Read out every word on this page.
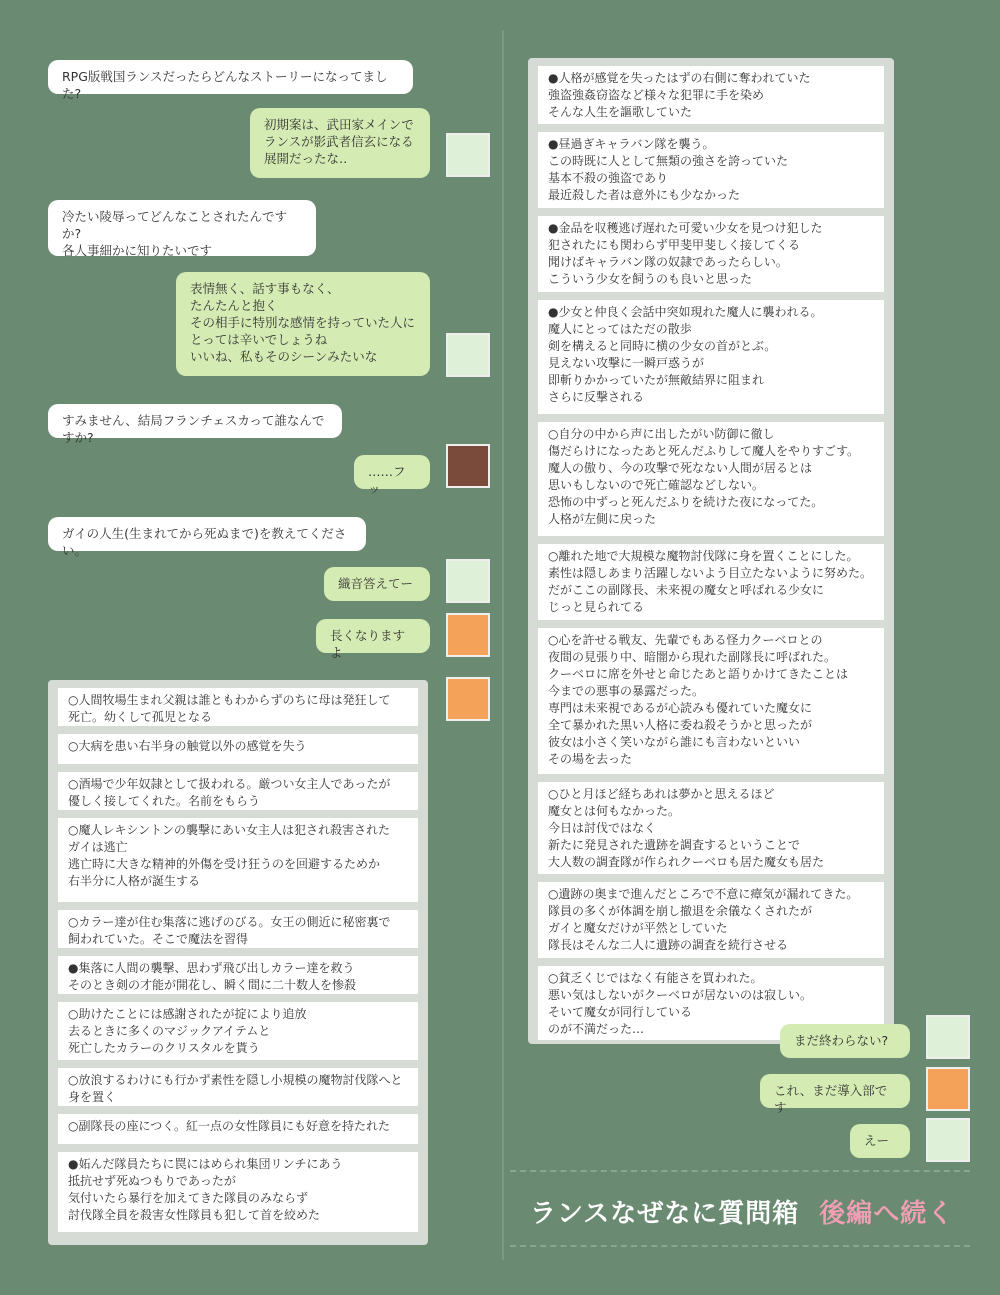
RPG版戦国ランスだったらどんなストーリーになってました?
初期案は、武田家メインで
ランスが影武者信玄になる
展開だったな‥
冷たい陵辱ってどんなことされたんですか?
各人事細かに知りたいです
表情無く、話す事もなく、
たんたんと抱く
その相手に特別な感情を持っていた人に
とっては辛いでしょうね
いいね、私もそのシーンみたいな
すみません、結局フランチェスカって誰なんですか?
……フッ
ガイの人生(生まれてから死ぬまで)を教えてください。
織音答えてー
長くなりますよ
○人間牧場生まれ父親は誰ともわからずのちに母は発狂して
死亡。幼くして孤児となる
○大病を患い右半身の触覚以外の感覚を失う
○酒場で少年奴隷として扱われる。厳つい女主人であったが
優しく接してくれた。名前をもらう
○魔人レキシントンの襲撃にあい女主人は犯され殺害された
ガイは逃亡
逃亡時に大きな精神的外傷を受け狂うのを回避するためか
右半分に人格が誕生する
○カラー達が住む集落に逃げのびる。女王の側近に秘密裏で
飼われていた。そこで魔法を習得
●集落に人間の襲撃、思わず飛び出しカラー達を救う
そのとき剣の才能が開花し、瞬く間に二十数人を惨殺
○助けたことには感謝されたが掟により追放
去るときに多くのマジックアイテムと
死亡したカラーのクリスタルを貰う
○放浪するわけにも行かず素性を隠し小規模の魔物討伐隊へと
身を置く
○副隊長の座につく。紅一点の女性隊員にも好意を持たれた
●妬んだ隊員たちに罠にはめられ集団リンチにあう
抵抗せず死ぬつもりであったが
気付いたら暴行を加えてきた隊員のみならず
討伐隊全員を殺害女性隊員も犯して首を絞めた
●人格が感覚を失ったはずの右側に奪われていた
強盗強姦窃盗など様々な犯罪に手を染め
そんな人生を謳歌していた
●昼過ぎキャラバン隊を襲う。
この時既に人として無類の強さを誇っていた
基本不殺の強盗であり
最近殺した者は意外にも少なかった
●金品を収穫逃げ遅れた可愛い少女を見つけ犯した
犯されたにも関わらず甲斐甲斐しく接してくる
聞けばキャラバン隊の奴隷であったらしい。
こういう少女を飼うのも良いと思った
●少女と仲良く会話中突如現れた魔人に襲われる。
魔人にとってはただの散歩
剣を構えると同時に横の少女の首がとぶ。
見えない攻撃に一瞬戸惑うが
即斬りかかっていたが無敵結界に阻まれ
さらに反撃される
○自分の中から声に出したがい防御に徹し
傷だらけになったあと死んだふりして魔人をやりすごす。
魔人の傲り、今の攻撃で死なない人間が居るとは
思いもしないので死亡確認などしない。
恐怖の中ずっと死んだふりを続けた夜になってた。
人格が左側に戻った
○離れた地で大規模な魔物討伐隊に身を置くことにした。
素性は隠しあまり活躍しないよう目立たないように努めた。
だがここの副隊長、未来視の魔女と呼ばれる少女に
じっと見られてる
○心を許せる戦友、先輩でもある怪力クーベロとの
夜間の見張り中、暗闇から現れた副隊長に呼ばれた。
クーベロに席を外せと命じたあと語りかけてきたことは
今までの悪事の暴露だった。
専門は未来視であるが心読みも優れていた魔女に
全て暴かれた黒い人格に委ね殺そうかと思ったが
彼女は小さく笑いながら誰にも言わないといい
その場を去った
○ひと月ほど経ちあれは夢かと思えるほど
魔女とは何もなかった。
今日は討伐ではなく
新たに発見された遺跡を調査するということで
大人数の調査隊が作られクーベロも居た魔女も居た
○遺跡の奥まで進んだところで不意に瘴気が漏れてきた。
隊員の多くが体調を崩し撤退を余儀なくされたが
ガイと魔女だけが平然としていた
隊長はそんな二人に遺跡の調査を続行させる
○貧乏くじではなく有能さを買われた。
悪い気はしないがクーベロが居ないのは寂しい。
そいて魔女が同行している
のが不満だった…
まだ終わらない?
これ、まだ導入部です
えー
ランスなぜなに質問箱 後編へ続く
